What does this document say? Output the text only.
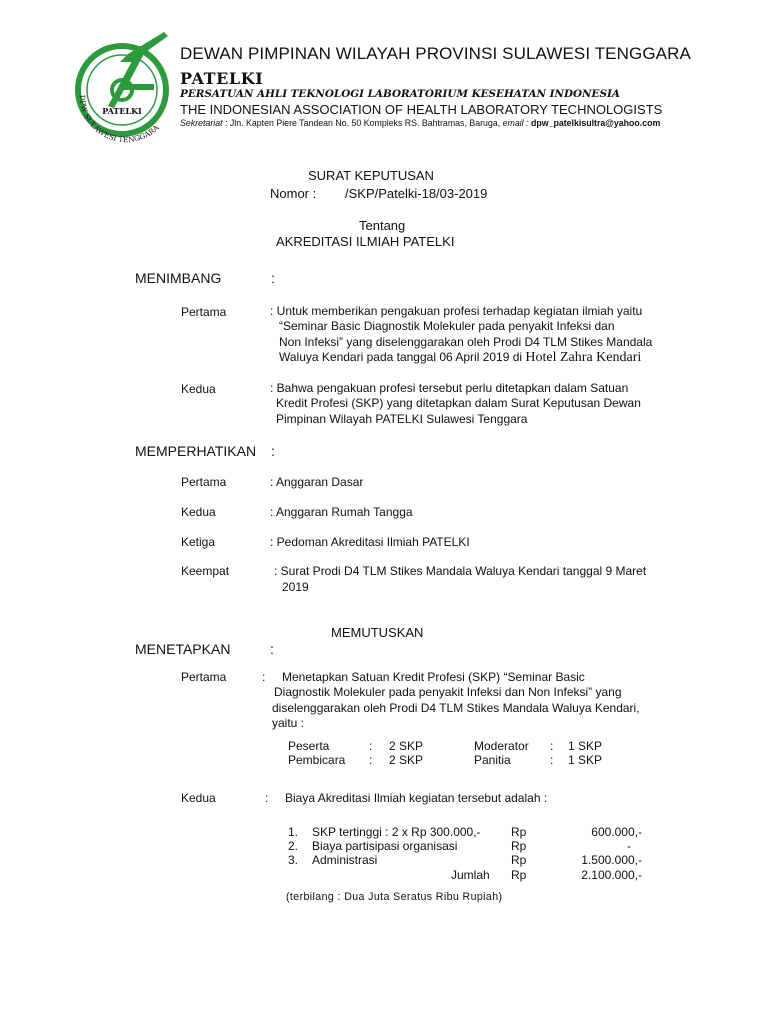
PATELKI
DPW SULAWESI TENGGARA
DEWAN PIMPINAN WILAYAH PROVINSI SULAWESI TENGGARA
PATELKI
PERSATUAN AHLI TEKNOLOGI LABORATORIUM KESEHATAN INDONESIA
THE INDONESIAN ASSOCIATION OF HEALTH LABORATORY TECHNOLOGISTS
Sekretariat : Jln. Kapten Piere Tandean No. 50 Kompleks RS. Bahtramas, Baruga, email : dpw_patelkisultra@yahoo.com
SURAT KEPUTUSAN
Nomor : /SKP/Patelki-18/03-2019
Tentang
AKREDITASI ILMIAH PATELKI
MENIMBANG	:
Pertama	: Untuk memberikan pengakuan profesi terhadap kegiatan ilmiah yaitu
“Seminar Basic Diagnostik Molekuler pada penyakit Infeksi dan
Non Infeksi” yang diselenggarakan oleh Prodi D4 TLM Stikes Mandala
Waluya Kendari pada tanggal 06 April 2019 di Hotel Zahra Kendari
Kedua	: Bahwa pengakuan profesi tersebut perlu ditetapkan dalam Satuan
Kredit Profesi (SKP) yang ditetapkan dalam Surat Keputusan Dewan
Pimpinan Wilayah PATELKI Sulawesi Tenggara
MEMPERHATIKAN :
Pertama	: Anggaran Dasar
Kedua	: Anggaran Rumah Tangga
Ketiga	: Pedoman Akreditasi Ilmiah PATELKI
Keempat	: Surat Prodi D4 TLM Stikes Mandala Waluya Kendari tanggal 9 Maret
2019
MEMUTUSKAN
MENETAPKAN	:
Pertama	: Menetapkan Satuan Kredit Profesi (SKP) “Seminar Basic
Diagnostik Molekuler pada penyakit Infeksi dan Non Infeksi” yang
diselenggarakan oleh Prodi D4 TLM Stikes Mandala Waluya Kendari,
yaitu :
Peserta	: 2 SKP	Moderator : 1 SKP
Pembicara : 2 SKP	Panitia	: 1 SKP
Kedua	: Biaya Akreditasi Ilmiah kegiatan tersebut adalah :
1. SKP tertinggi : 2 x Rp 300.000,-	Rp	600.000,-
2. Biaya partisipasi organisasi	Rp	-
3. Administrasi	Rp	1.500.000,-
Jumlah Rp	2.100.000,-
(terbilang : Dua Juta Seratus Ribu Rupiah)
